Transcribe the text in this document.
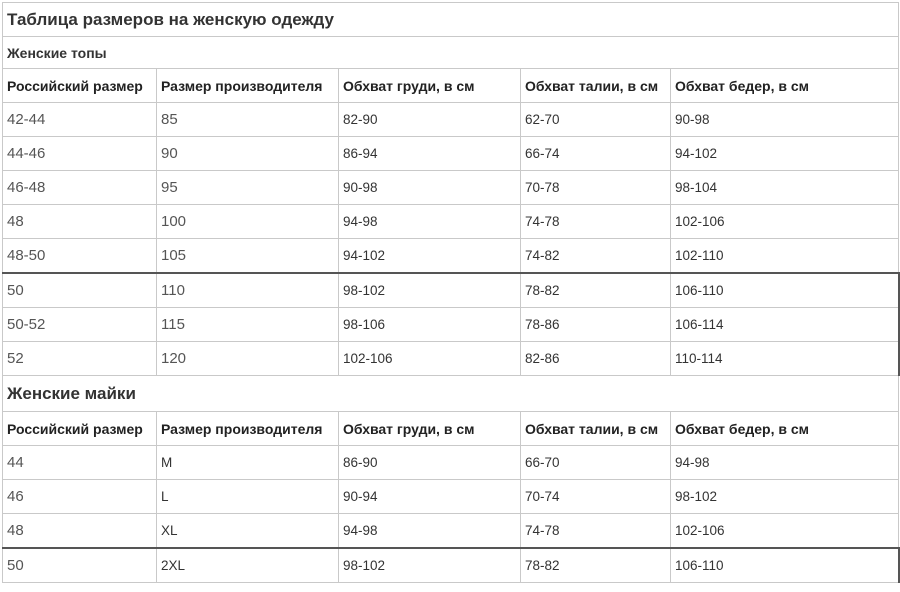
Таблица размеров на женскую одежду				
Женские топы				
Российский размер	Размер производителя	Обхват груди, в см	Обхват талии, в см	Обхват бедер, в см
42-44	85	82-90	62-70	90-98
44-46	90	86-94	66-74	94-102
46-48	95	90-98	70-78	98-104
48	100	94-98	74-78	102-106
48-50	105	94-102	74-82	102-110
50	110	98-102	78-82	106-110
50-52	115	98-106	78-86	106-114
52	120	102-106	82-86	110-114
Женские майки				
Российский размер	Размер производителя	Обхват груди, в см	Обхват талии, в см	Обхват бедер, в см
44	M	86-90	66-70	94-98
46	L	90-94	70-74	98-102
48	XL	94-98	74-78	102-106
50	2XL	98-102	78-82	106-110
